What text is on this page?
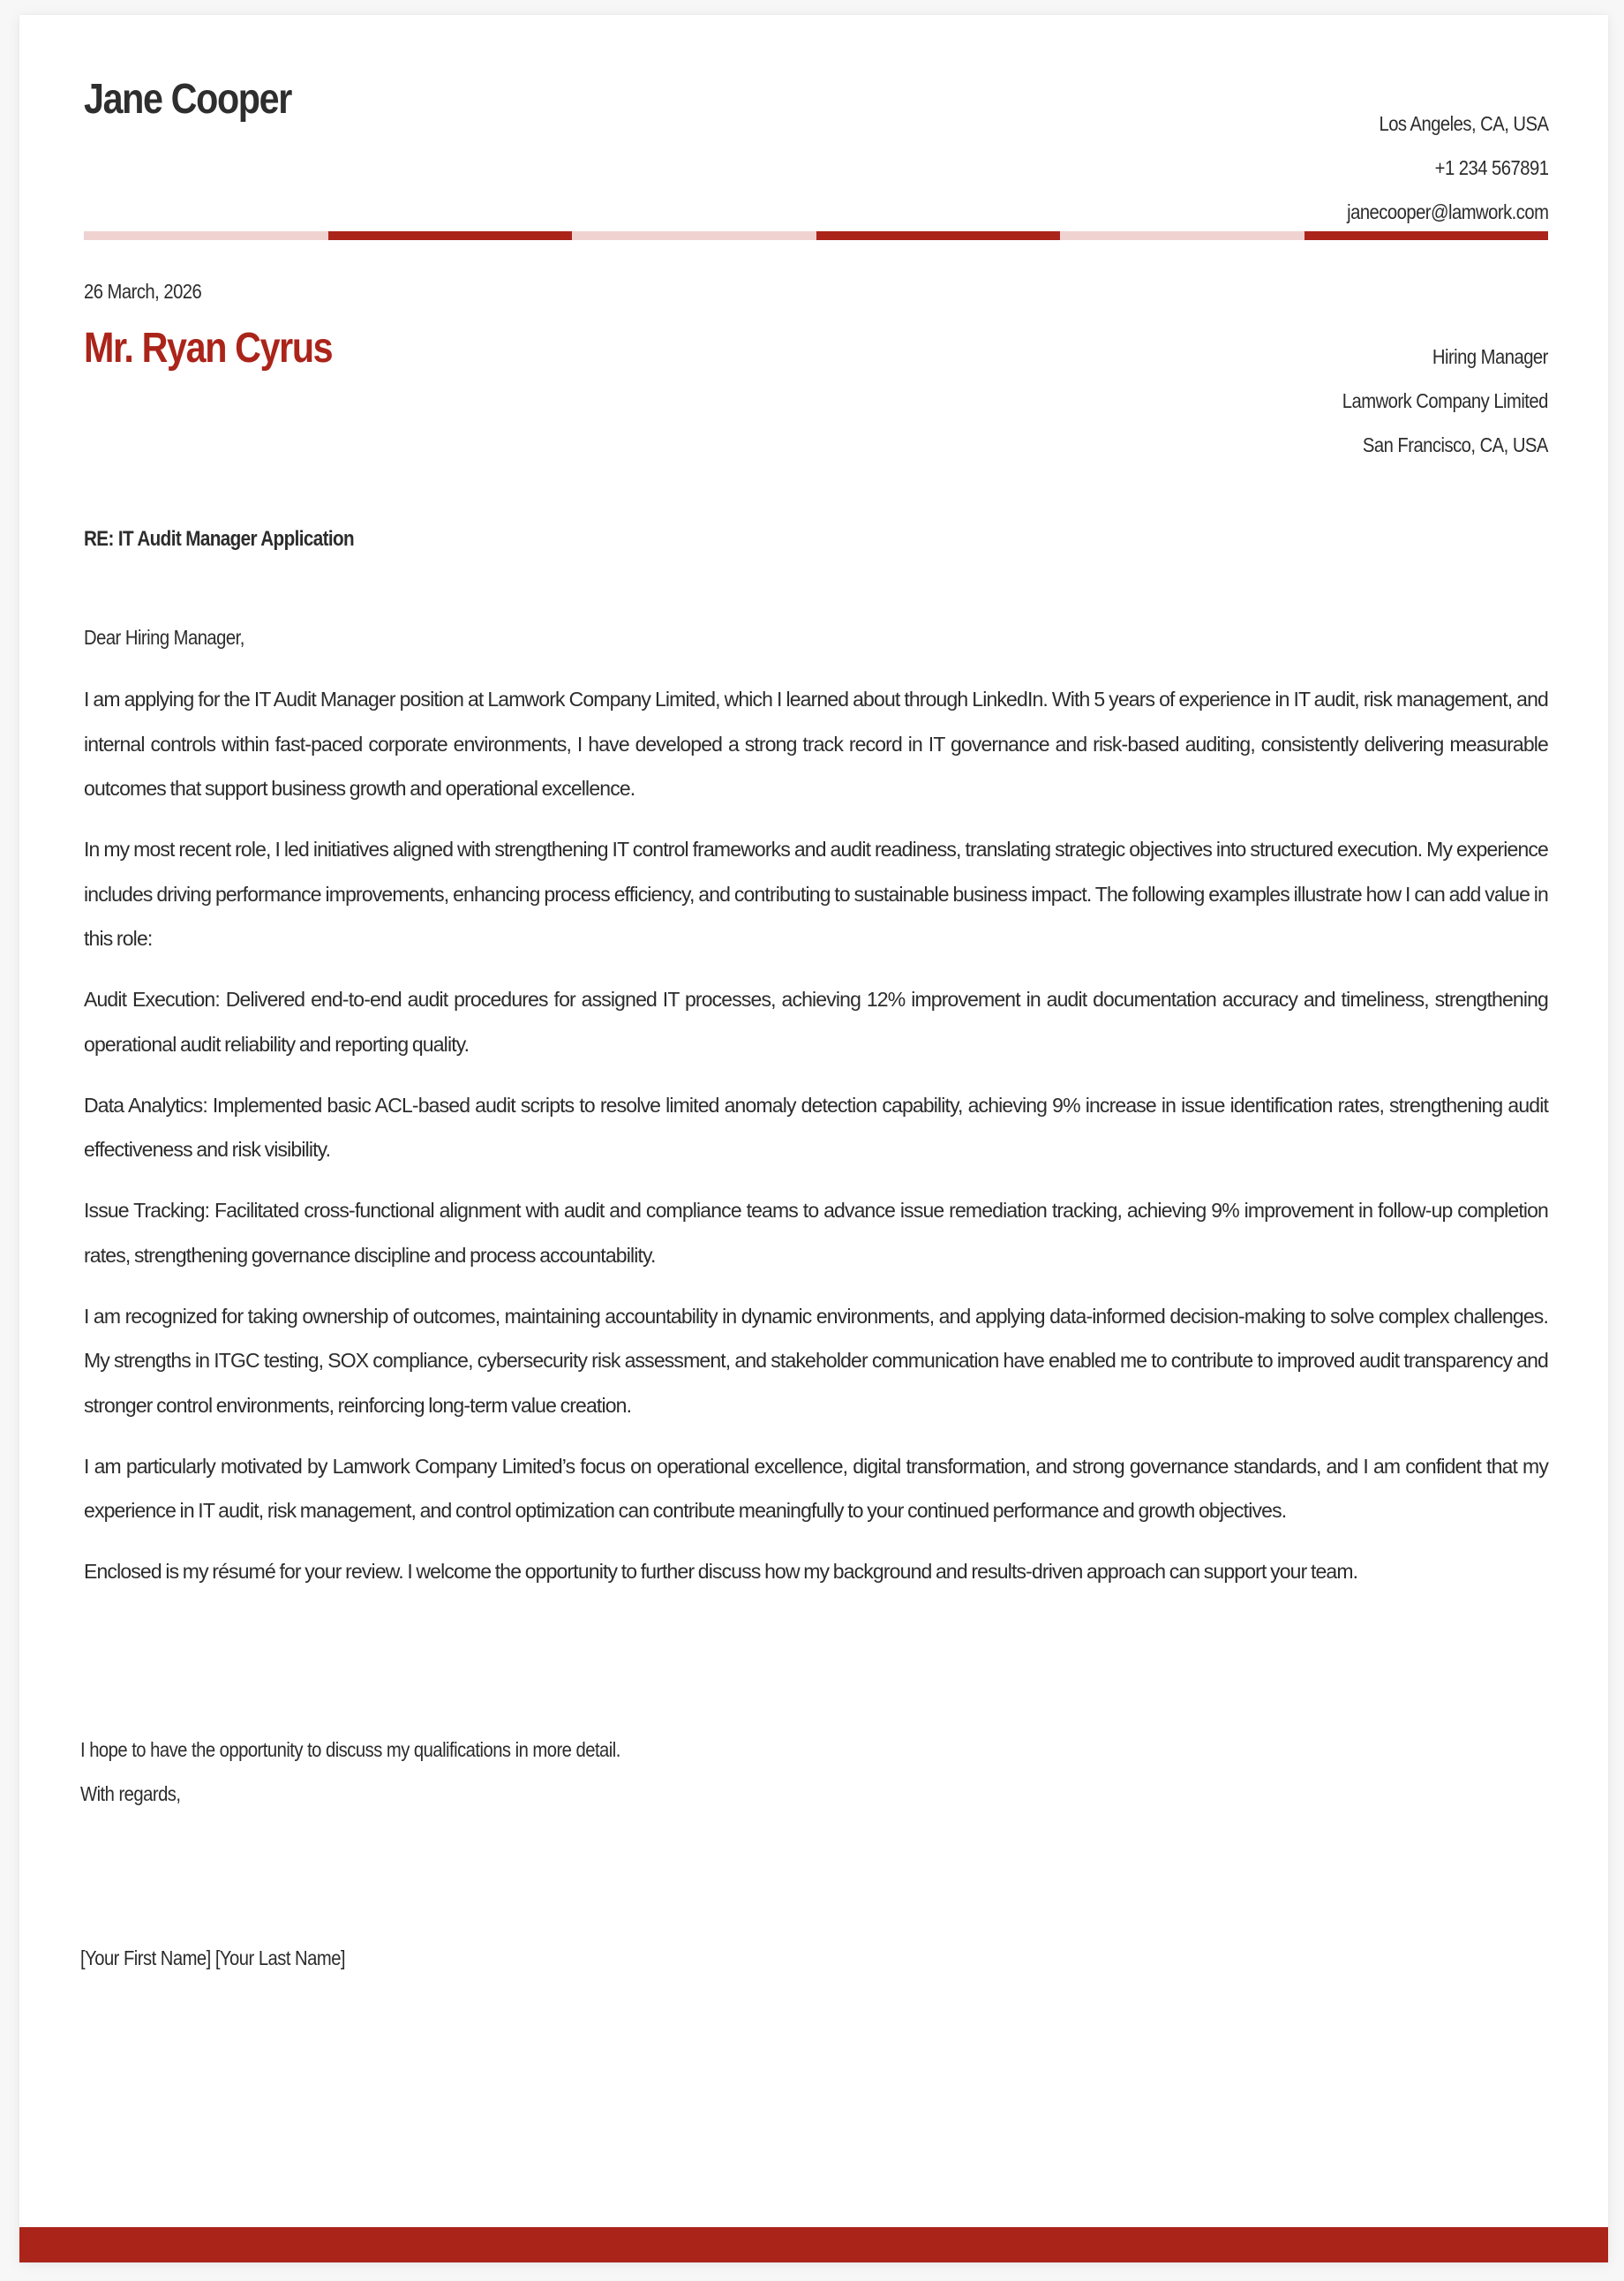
Jane Cooper
Los Angeles, CA, USA
+1 234 567891
janecooper@lamwork.com
26 March, 2026
Mr. Ryan Cyrus	Hiring Manager
Lamwork Company Limited
San Francisco, CA, USA
RE: IT Audit Manager Application
Dear Hiring Manager,

I am applying for the IT Audit Manager position at Lamwork Company Limited, which I learned about through LinkedIn. With 5 years of experience in IT audit, risk management, and internal controls within fast-paced corporate environments, I have developed a strong track record in IT governance and risk-based auditing, consistently delivering measurable outcomes that support business growth and operational excellence.

In my most recent role, I led initiatives aligned with strengthening IT control frameworks and audit readiness, translating strategic objectives into structured execution. My experience includes driving performance improvements, enhancing process efficiency, and contributing to sustainable business impact. The following examples illustrate how I can add value in this role:

Audit Execution: Delivered end-to-end audit procedures for assigned IT processes, achieving 12% improvement in audit documentation accuracy and timeliness, strengthening operational audit reliability and reporting quality.

Data Analytics: Implemented basic ACL-based audit scripts to resolve limited anomaly detection capability, achieving 9% increase in issue identification rates, strengthening audit effectiveness and risk visibility.

Issue Tracking: Facilitated cross-functional alignment with audit and compliance teams to advance issue remediation tracking, achieving 9% improvement in follow-up completion rates, strengthening governance discipline and process accountability.

I am recognized for taking ownership of outcomes, maintaining accountability in dynamic environments, and applying data-informed decision-making to solve complex challenges. My strengths in ITGC testing, SOX compliance, cybersecurity risk assessment, and stakeholder communication have enabled me to contribute to improved audit transparency and stronger control environments, reinforcing long-term value creation.

I am particularly motivated by Lamwork Company Limited’s focus on operational excellence, digital transformation, and strong governance standards, and I am confident that my experience in IT audit, risk management, and control optimization can contribute meaningfully to your continued performance and growth objectives.

Enclosed is my résumé for your review. I welcome the opportunity to further discuss how my background and results-driven approach can support your team.

I hope to have the opportunity to discuss my qualifications in more detail.
With regards,
[Your First Name] [Your Last Name]
